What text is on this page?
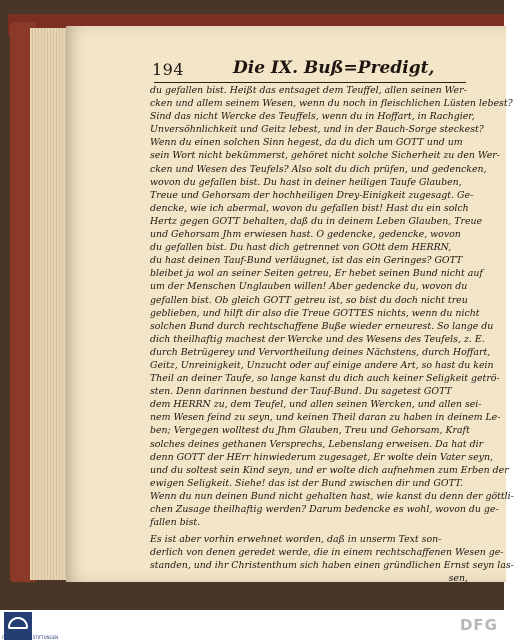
194	Die IX. Buß=Predigt,
du gefallen bist. Heißt das entsaget dem Teuffel, allen seinen Wer-
cken und allem seinem Wesen, wenn du noch in fleischlichen Lüsten lebest?
Sind das nicht Wercke des Teuffels, wenn du in Hoffart, in Rachgier,
Unversöhnlichkeit und Geitz lebest, und in der Bauch-Sorge steckest?
Wenn du einen solchen Sinn hegest, da du dich um GOTT und um
sein Wort nicht bekümmerst, gehöret nicht solche Sicherheit zu den Wer-
cken und Wesen des Teufels? Also solt du dich prüfen, und gedencken,
wovon du gefallen bist. Du hast in deiner heiligen Taufe Glauben,
Treue und Gehorsam der hochheiligen Drey-Einigkeit zugesagt. Ge-
dencke, wie ich abermal, wovon du gefallen bist! Hast du ein solch
Hertz gegen GOTT behalten, daß du in deinem Leben Glauben, Treue
und Gehorsam Jhm erwiesen hast. O gedencke, gedencke, wovon
du gefallen bist. Du hast dich getrennet von GOtt dem HERRN,
du hast deinen Tauf-Bund verläugnet, ist das ein Geringes? GOTT
bleibet ja wol an seiner Seiten getreu, Er hebet seinen Bund nicht auf
um der Menschen Unglauben willen! Aber gedencke du, wovon du
gefallen bist. Ob gleich GOTT getreu ist, so bist du doch nicht treu
geblieben, und hilft dir also die Treue GOTTES nichts, wenn du nicht
solchen Bund durch rechtschaffene Buße wieder erneurest. So lange du
dich theilhaftig machest der Wercke und des Wesens des Teufels, z. E.
durch Betrügerey und Vervortheilung deines Nächstens, durch Hoffart,
Geitz, Unreinigkeit, Unzucht oder auf einige andere Art, so hast du kein
Theil an deiner Taufe, so lange kanst du dich auch keiner Seligkeit getrö-
sten. Denn darinnen bestund der Tauf-Bund. Du sagetest GOTT
dem HERRN zu, dem Teufel, und allen seinen Wercken, und allen sei-
nem Wesen feind zu seyn, und keinen Theil daran zu haben in deinem Le-
ben; Vergegen wolltest du Jhm Glauben, Treu und Gehorsam, Kraft
solches deines gethanen Versprechs, Lebenslang erweisen. Da hat dir
denn GOTT der HErr hinwiederum zugesaget, Er wolte dein Vater seyn,
und du soltest sein Kind seyn, und er wolte dich aufnehmen zum Erben der
ewigen Seligkeit. Siehe! das ist der Bund zwischen dir und GOTT.
Wenn du nun deinen Bund nicht gehalten hast, wie kanst du denn der göttli-
chen Zusage theilhaftig werden? Darum bedencke es wohl, wovon du ge-
fallen bist.
Es ist aber vorhin erwehnet worden, daß in unserm Text son-
derlich von denen geredet werde, die in einem rechtschaffenen Wesen ge-
standen, und ihr Christenthum sich haben einen gründlichen Ernst seyn las-
sen,
FRANCKESCHE STIFTUNGEN
DFG
